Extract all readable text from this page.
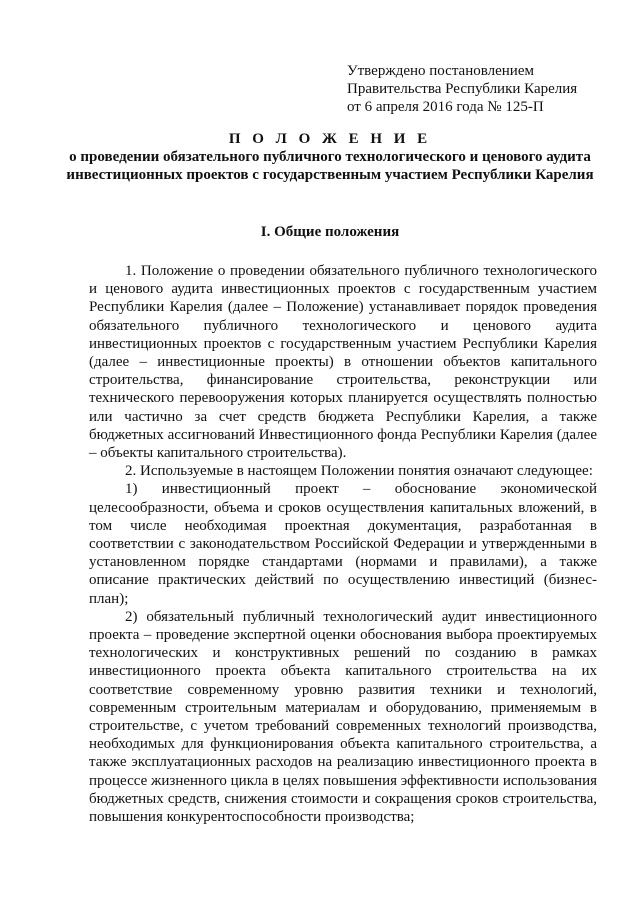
Утверждено постановлением
Правительства Республики Карелия
от 6 апреля 2016 года № 125-П
П О Л О Ж Е Н И Е
о проведении обязательного публичного технологического и ценового аудита инвестиционных проектов с государственным участием Республики Карелия
I. Общие положения

1. Положение о проведении обязательного публичного технологического и ценового аудита инвестиционных проектов с государственным участием Республики Карелия (далее – Положение) устанавливает порядок проведения обязательного публичного технологического и ценового аудита инвестиционных проектов с государственным участием Республики Карелия (далее – инвестиционные проекты) в отношении объектов капитального строительства, финансирование строительства, реконструкции или технического перевооружения которых планируется осуществлять полностью или частично за счет средств бюджета Республики Карелия, а также бюджетных ассигнований Инвестиционного фонда Республики Карелия (далее – объекты капитального строительства).

2. Используемые в настоящем Положении понятия означают следующее:

1) инвестиционный проект – обоснование экономической целесообразности, объема и сроков осуществления капитальных вложений, в том числе необходимая проектная документация, разработанная в соответствии с законодательством Российской Федерации и утвержденными в установленном порядке стандартами (нормами и правилами), а также описание практических действий по осуществлению инвестиций (бизнес-план);

2) обязательный публичный технологический аудит инвестиционного проекта – проведение экспертной оценки обоснования выбора проектируемых технологических и конструктивных решений по созданию в рамках инвестиционного проекта объекта капитального строительства на их соответствие современному уровню развития техники и технологий, современным строительным материалам и оборудованию, применяемым в строительстве, с учетом требований современных технологий производства, необходимых для функционирования объекта капитального строительства, а также эксплуатационных расходов на реализацию инвестиционного проекта в процессе жизненного цикла в целях повышения эффективности использования бюджетных средств, снижения стоимости и сокращения сроков строительства, повышения конкурентоспособности производства;
